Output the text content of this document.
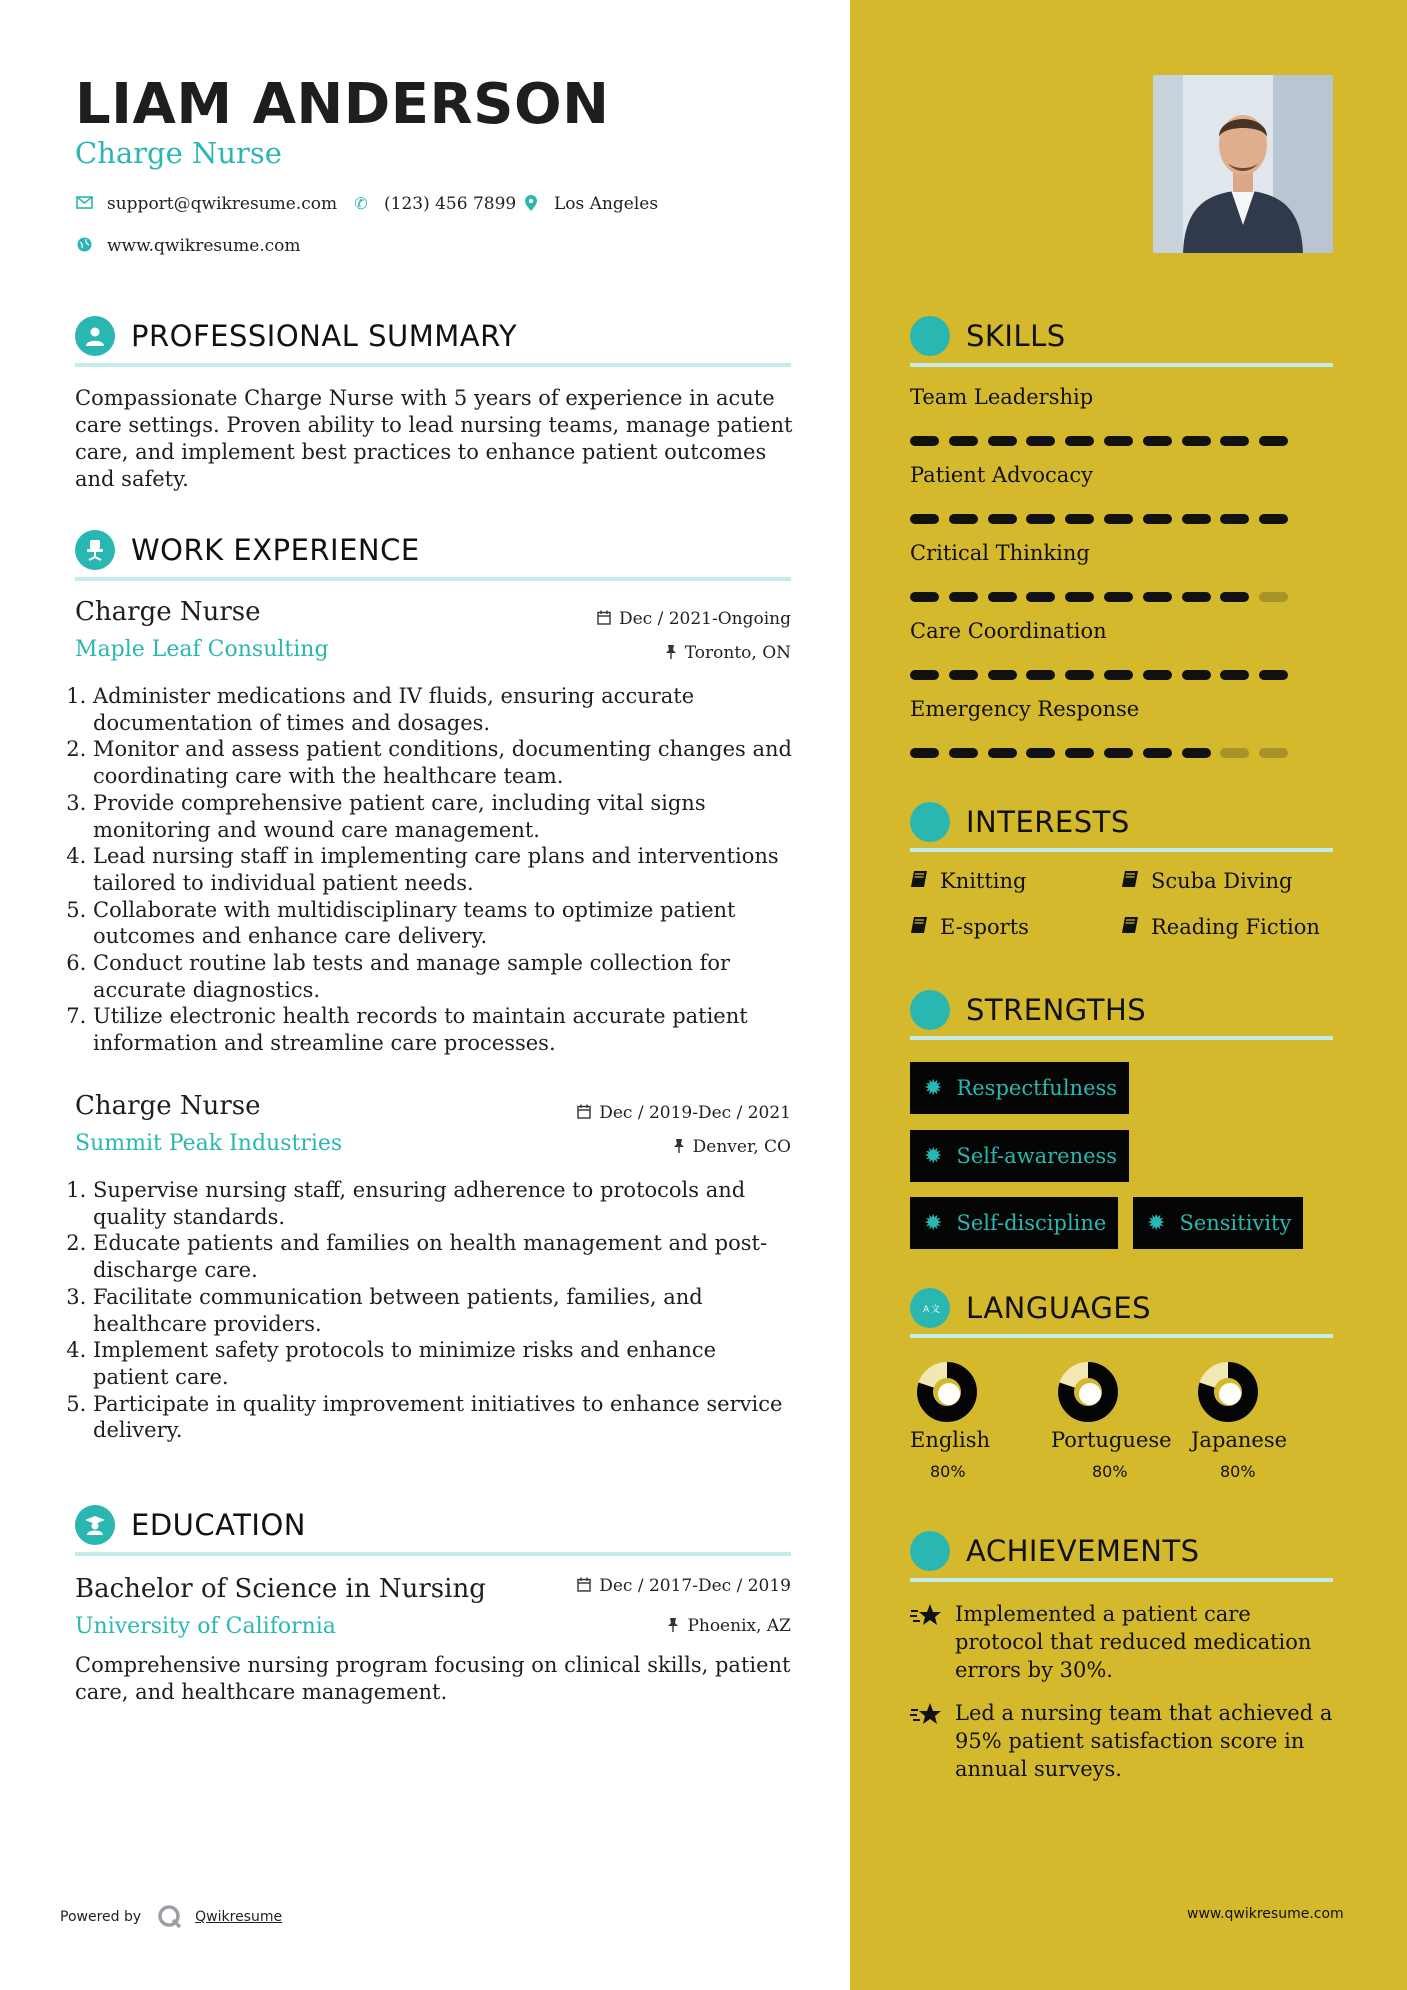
LIAM ANDERSON
Charge Nurse
support@qwikresume.com ✆ (123) 456 7899 Los Angeles
www.qwikresume.com
PROFESSIONAL SUMMARY

Compassionate Charge Nurse with 5 years of experience in acute care settings. Proven ability to lead nursing teams, manage patient care, and implement best practices to enhance patient outcomes and safety.

WORK EXPERIENCE
Charge Nurse
Maple Leaf Consulting
Dec / 2021-Ongoing
Toronto, ON
1. Administer medications and IV fluids, ensuring accurate documentation of times and dosages.
2. Monitor and assess patient conditions, documenting changes and coordinating care with the healthcare team.
3. Provide comprehensive patient care, including vital signs monitoring and wound care management.
4. Lead nursing staff in implementing care plans and interventions tailored to individual patient needs.
5. Collaborate with multidisciplinary teams to optimize patient outcomes and enhance care delivery.
6. Conduct routine lab tests and manage sample collection for accurate diagnostics.
7. Utilize electronic health records to maintain accurate patient information and streamline care processes.
Charge Nurse
Summit Peak Industries
Dec / 2019-Dec / 2021
Denver, CO
1. Supervise nursing staff, ensuring adherence to protocols and quality standards.
2. Educate patients and families on health management and post-discharge care.
3. Facilitate communication between patients, families, and healthcare providers.
4. Implement safety protocols to minimize risks and enhance patient care.
5. Participate in quality improvement initiatives to enhance service delivery.
EDUCATION
Bachelor of Science in Nursing
University of California
Dec / 2017-Dec / 2019
Phoenix, AZ

Comprehensive nursing program focusing on clinical skills, patient care, and healthcare management.

Powered by	Qwikresume
SKILLS
Team Leadership
Patient Advocacy
Critical Thinking
Care Coordination
Emergency Response
INTERESTS
Knitting	Scuba Diving
E-sports	Reading Fiction
STRENGTHS
✹ Respectfulness
✹ Self-awareness
✹ Self-discipline ✹ Sensitivity
A 文 LANGUAGES
English
80%
Portuguese
80%
Japanese
80%
ACHIEVEMENTS

Implemented a patient care protocol that reduced medication errors by 30%.

Led a nursing team that achieved a 95% patient satisfaction score in annual surveys.

www.qwikresume.com
